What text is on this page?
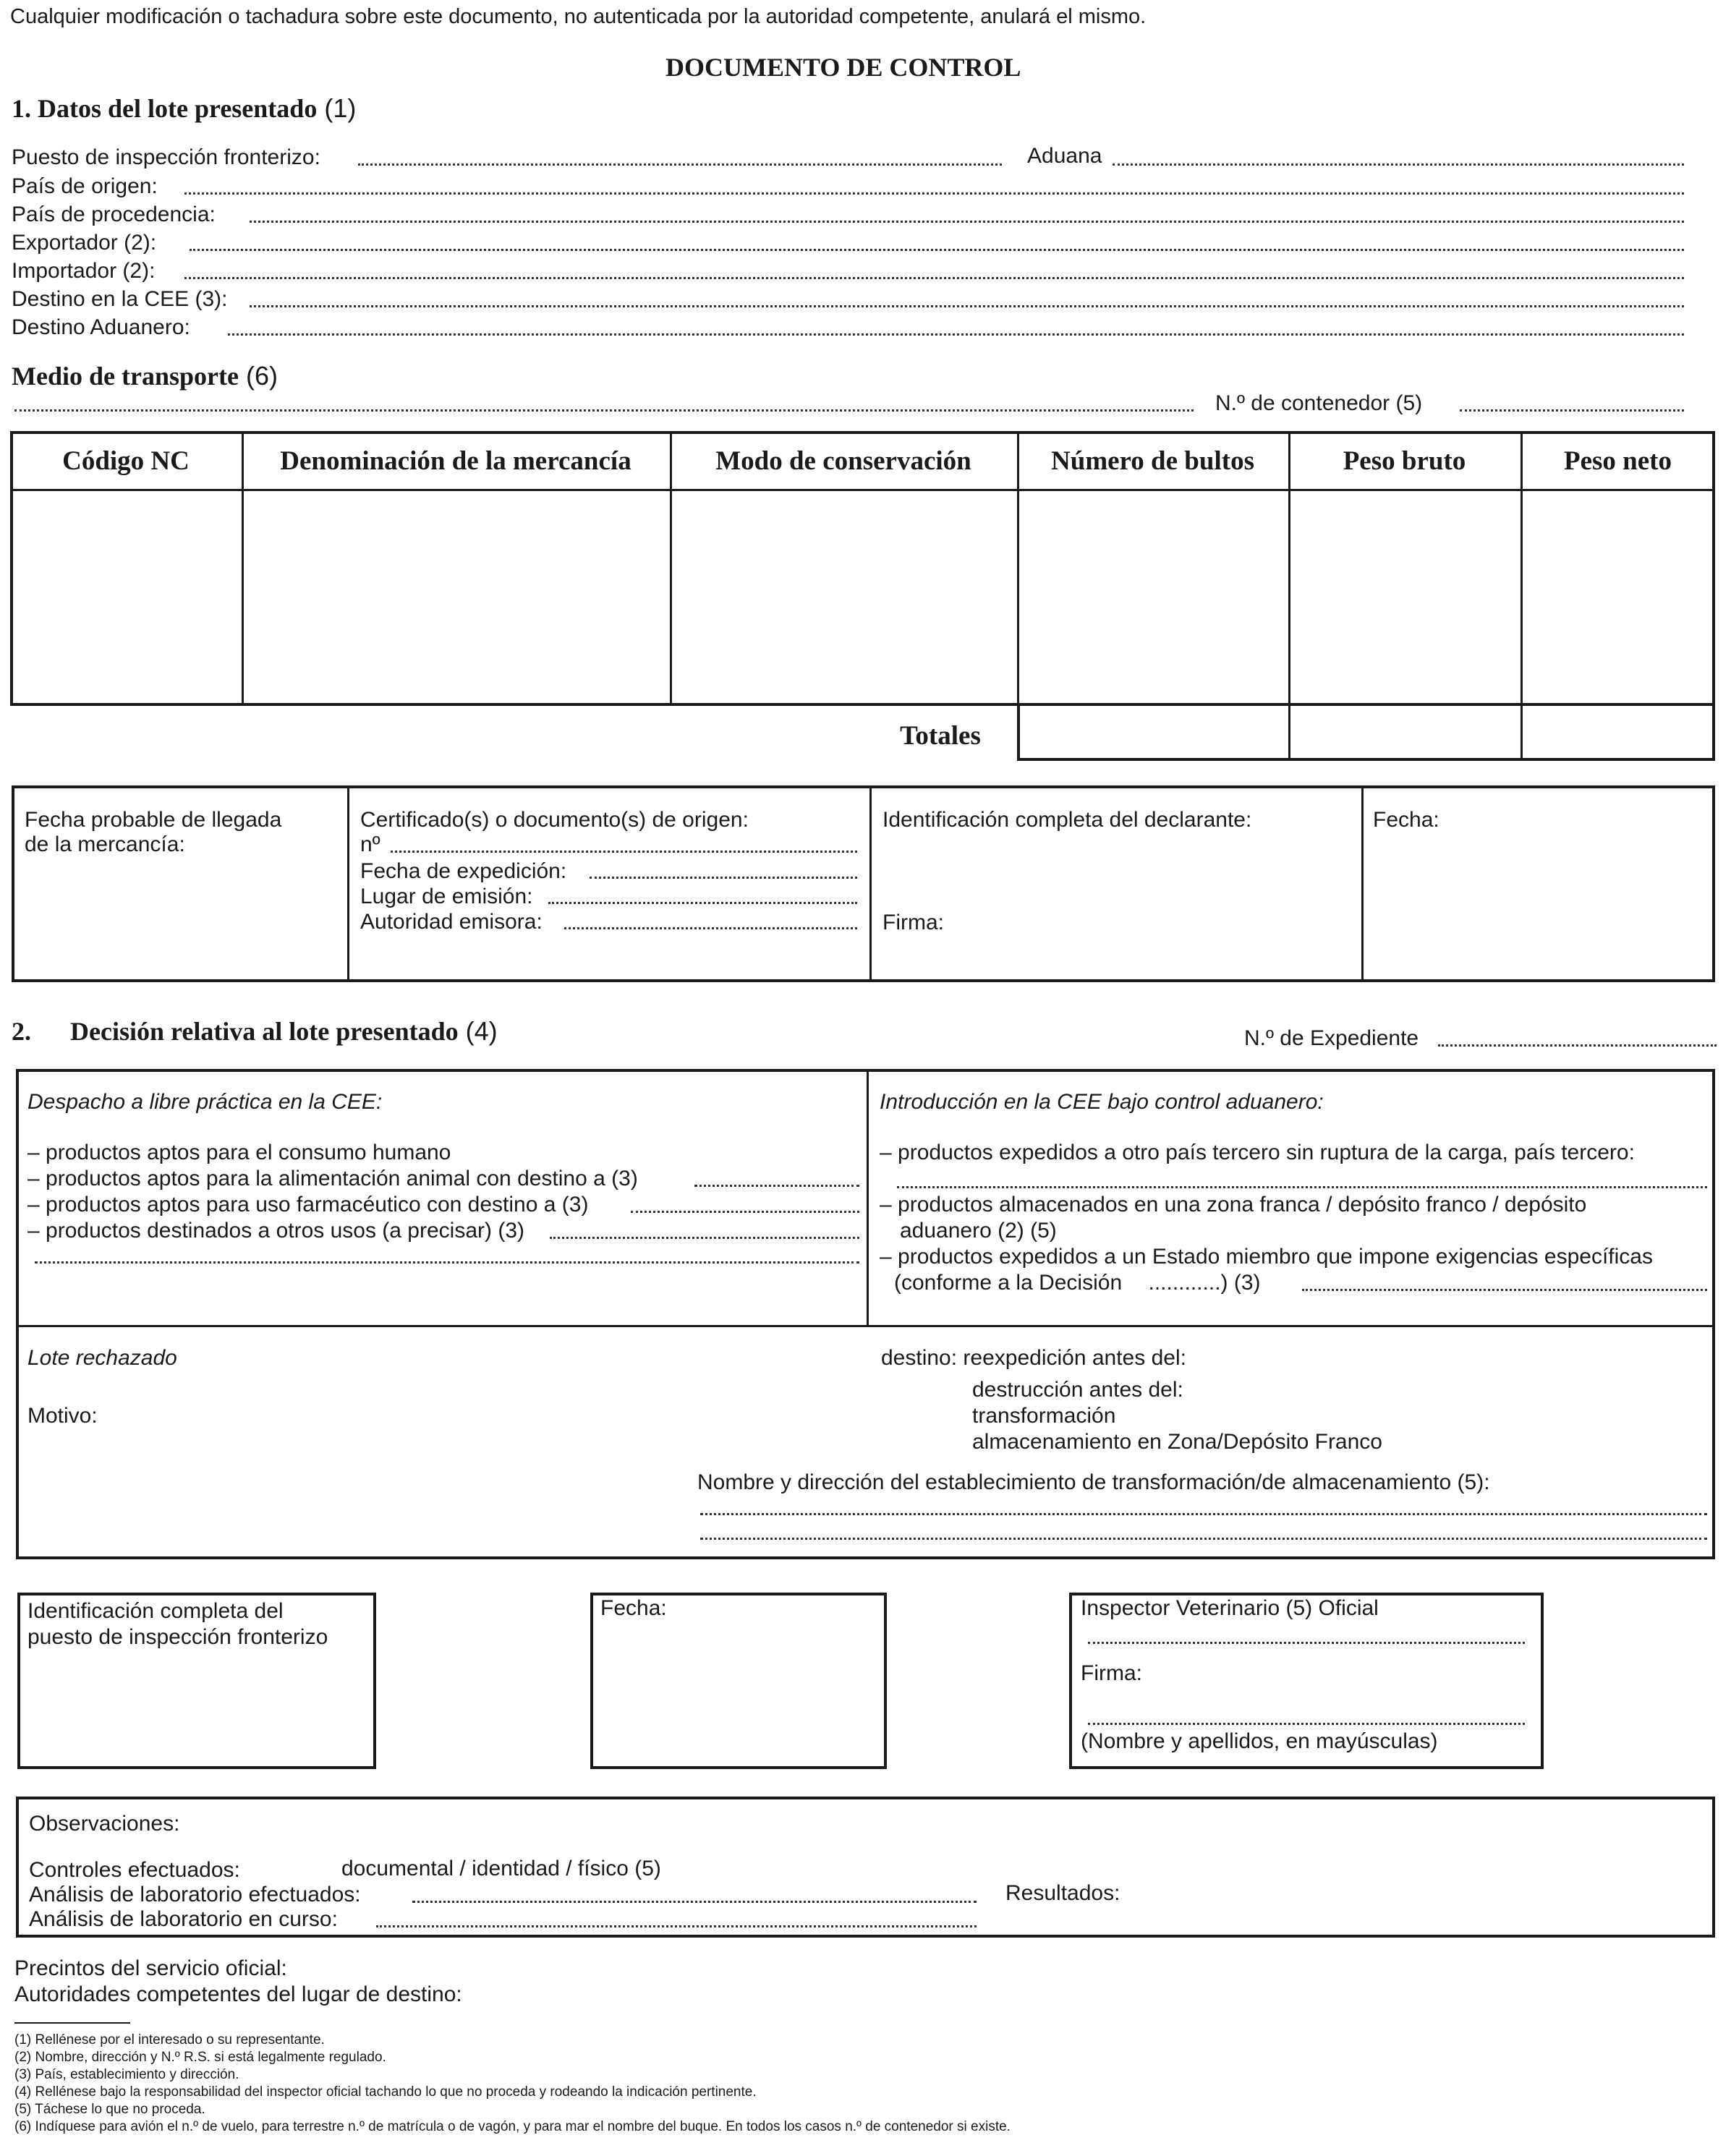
Cualquier modificación o tachadura sobre este documento, no autenticada por la autoridad competente, anulará el mismo.
DOCUMENTO DE CONTROL
1. Datos del lote presentado (1)
Puesto de inspección fronterizo:	Aduana
País de origen:
País de procedencia:
Exportador (2):
Importador (2):
Destino en la CEE (3):
Destino Aduanero:
Medio de transporte (6)
N.º de contenedor (5)
Código NC	Denominación de la mercancía	Modo de conservación	Número de bultos	Peso bruto	Peso neto
Totales
Fecha probable de llegada
de la mercancía:
Certificado(s) o documento(s) de origen:
nº
Fecha de expedición:
Lugar de emisión:
Autoridad emisora:
Identificación completa del declarante:
Firma:
Fecha:
2. Decisión relativa al lote presentado (4)	N.º de Expediente
Despacho a libre práctica en la CEE:
– productos aptos para el consumo humano
– productos aptos para la alimentación animal con destino a (3)
– productos aptos para uso farmacéutico con destino a (3)
– productos destinados a otros usos (a precisar) (3)
Introducción en la CEE bajo control aduanero:
– productos expedidos a otro país tercero sin ruptura de la carga, país tercero:
– productos almacenados en una zona franca / depósito franco / depósito
aduanero (2) (5)
– productos expedidos a un Estado miembro que impone exigencias específicas
(conforme a la Decisión ............) (3)
Lote rechazado
Motivo:
destino: reexpedición antes del:
destrucción antes del:
transformación
almacenamiento en Zona/Depósito Franco
Nombre y dirección del establecimiento de transformación/de almacenamiento (5):
Identificación completa del
puesto de inspección fronterizo
Fecha:	Inspector Veterinario (5) Oficial
Firma:
(Nombre y apellidos, en mayúsculas)
Observaciones:
Controles efectuados:	documental / identidad / físico (5)
Análisis de laboratorio efectuados:	Resultados:
Análisis de laboratorio en curso:
Precintos del servicio oficial:
Autoridades competentes del lugar de destino:
(1) Rellénese por el interesado o su representante.
(2) Nombre, dirección y N.º R.S. si está legalmente regulado.
(3) País, establecimiento y dirección.
(4) Rellénese bajo la responsabilidad del inspector oficial tachando lo que no proceda y rodeando la indicación pertinente.
(5) Táchese lo que no proceda.
(6) Indíquese para avión el n.º de vuelo, para terrestre n.º de matrícula o de vagón, y para mar el nombre del buque. En todos los casos n.º de contenedor si existe.
